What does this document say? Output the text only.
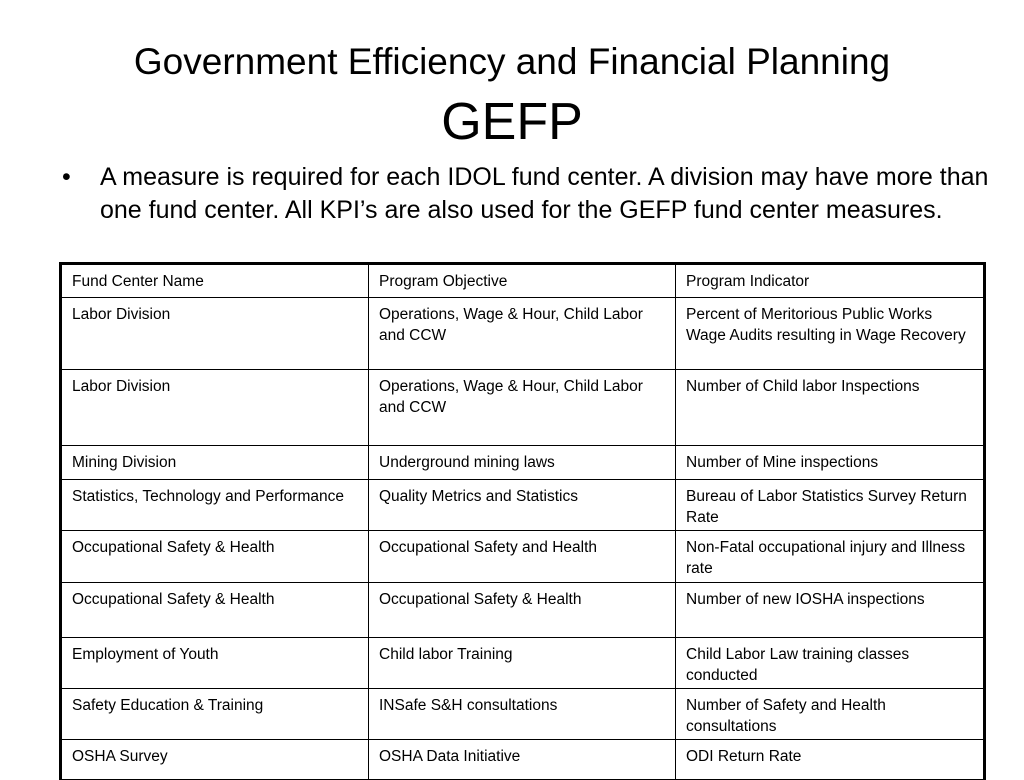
Government Efficiency and Financial Planning
GEFP
• A measure is required for each IDOL fund center. A division may have more than one fund center. All KPI’s are also used for the GEFP fund center measures.
Fund Center Name	Program Objective	Program Indicator
Labor Division	Operations, Wage & Hour, Child Labor and CCW	Percent of Meritorious Public Works Wage Audits resulting in Wage Recovery
Labor Division	Operations, Wage & Hour, Child Labor and CCW	Number of Child labor Inspections
Mining Division	Underground mining laws	Number of Mine inspections
Statistics, Technology and Performance	Quality Metrics and Statistics	Bureau of Labor Statistics Survey Return Rate
Occupational Safety & Health	Occupational Safety and Health	Non-Fatal occupational injury and Illness rate
Occupational Safety & Health	Occupational Safety & Health	Number of new IOSHA inspections
Employment of Youth	Child labor Training	Child Labor Law training classes conducted
Safety Education & Training	INSafe S&H consultations	Number of Safety and Health consultations
OSHA Survey	OSHA Data Initiative	ODI Return Rate
